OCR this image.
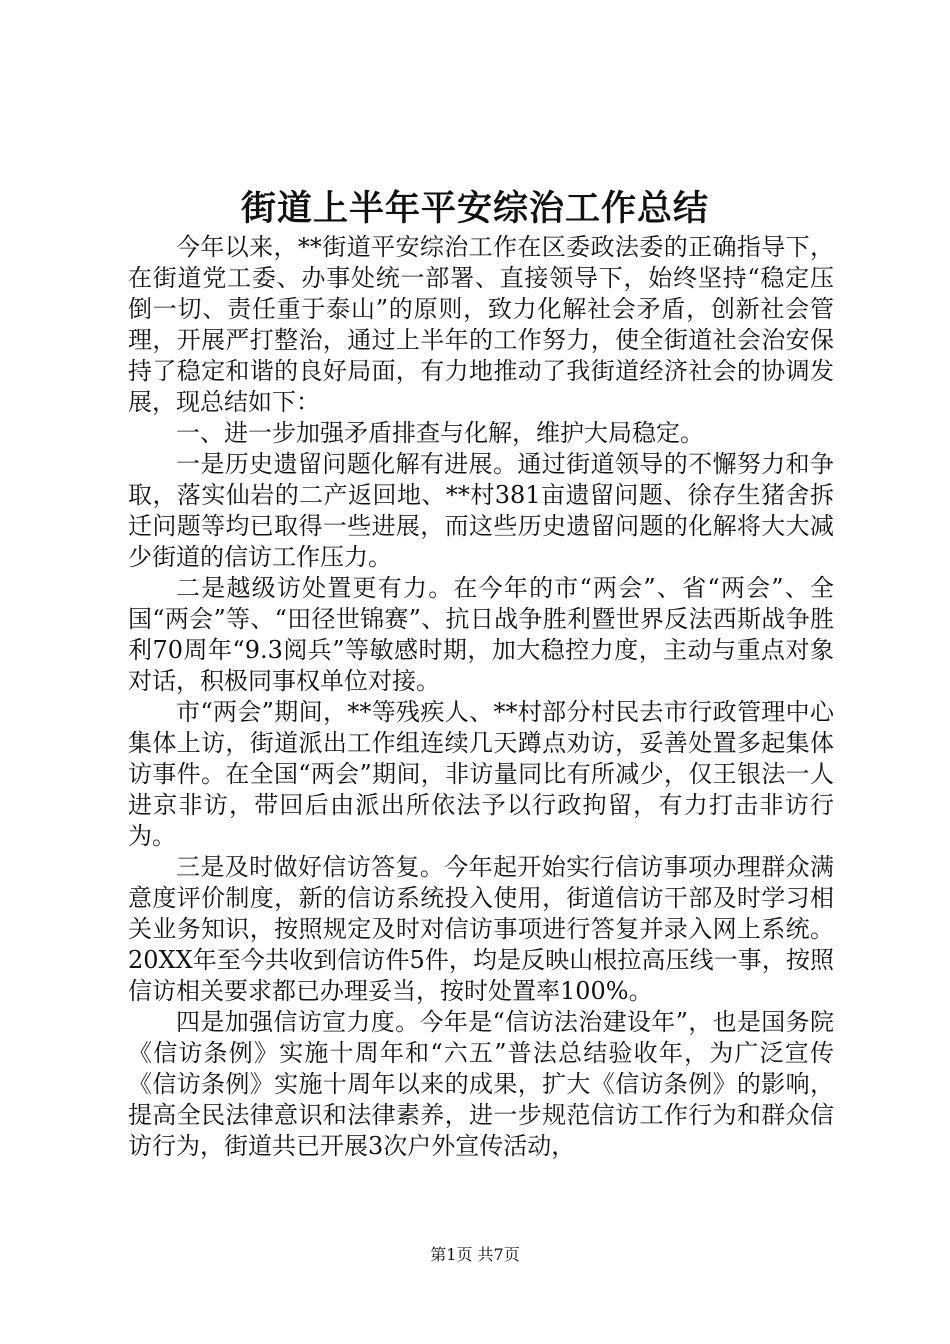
街道上半年平安综治工作总结

今年以来，**街道平安综治工作在区委政法委的正确指导下，在街道党工委、办事处统一部署、直接领导下，始终坚持“稳定压倒一切、责任重于泰山”的原则，致力化解社会矛盾，创新社会管理，开展严打整治，通过上半年的工作努力，使全街道社会治安保持了稳定和谐的良好局面，有力地推动了我街道经济社会的协调发展，现总结如下：

一、进一步加强矛盾排查与化解，维护大局稳定。

一是历史遗留问题化解有进展。通过街道领导的不懈努力和争取，落实仙岩的二产返回地、**村381亩遗留问题、徐存生猪舍拆迁问题等均已取得一些进展，而这些历史遗留问题的化解将大大减少街道的信访工作压力。

二是越级访处置更有力。在今年的市“两会”、省“两会”、全国“两会”等、“田径世锦赛”、抗日战争胜利暨世界反法西斯战争胜利70周年“9.3阅兵”等敏感时期，加大稳控力度，主动与重点对象对话，积极同事权单位对接。

市“两会”期间，**等残疾人、**村部分村民去市行政管理中心集体上访，街道派出工作组连续几天蹲点劝访，妥善处置多起集体访事件。在全国“两会”期间，非访量同比有所减少，仅王银法一人进京非访，带回后由派出所依法予以行政拘留，有力打击非访行为。

三是及时做好信访答复。今年起开始实行信访事项办理群众满意度评价制度，新的信访系统投入使用，街道信访干部及时学习相关业务知识，按照规定及时对信访事项进行答复并录入网上系统。20XX年至今共收到信访件5件，均是反映山根拉高压线一事，按照信访相关要求都已办理妥当，按时处置率100%。

四是加强信访宣力度。今年是“信访法治建设年”，也是国务院《信访条例》实施十周年和“六五”普法总结验收年，为广泛宣传《信访条例》实施十周年以来的成果，扩大《信访条例》的影响，提高全民法律意识和法律素养，进一步规范信访工作行为和群众信访行为，街道共已开展3次户外宣传活动，

第1页 共7页
